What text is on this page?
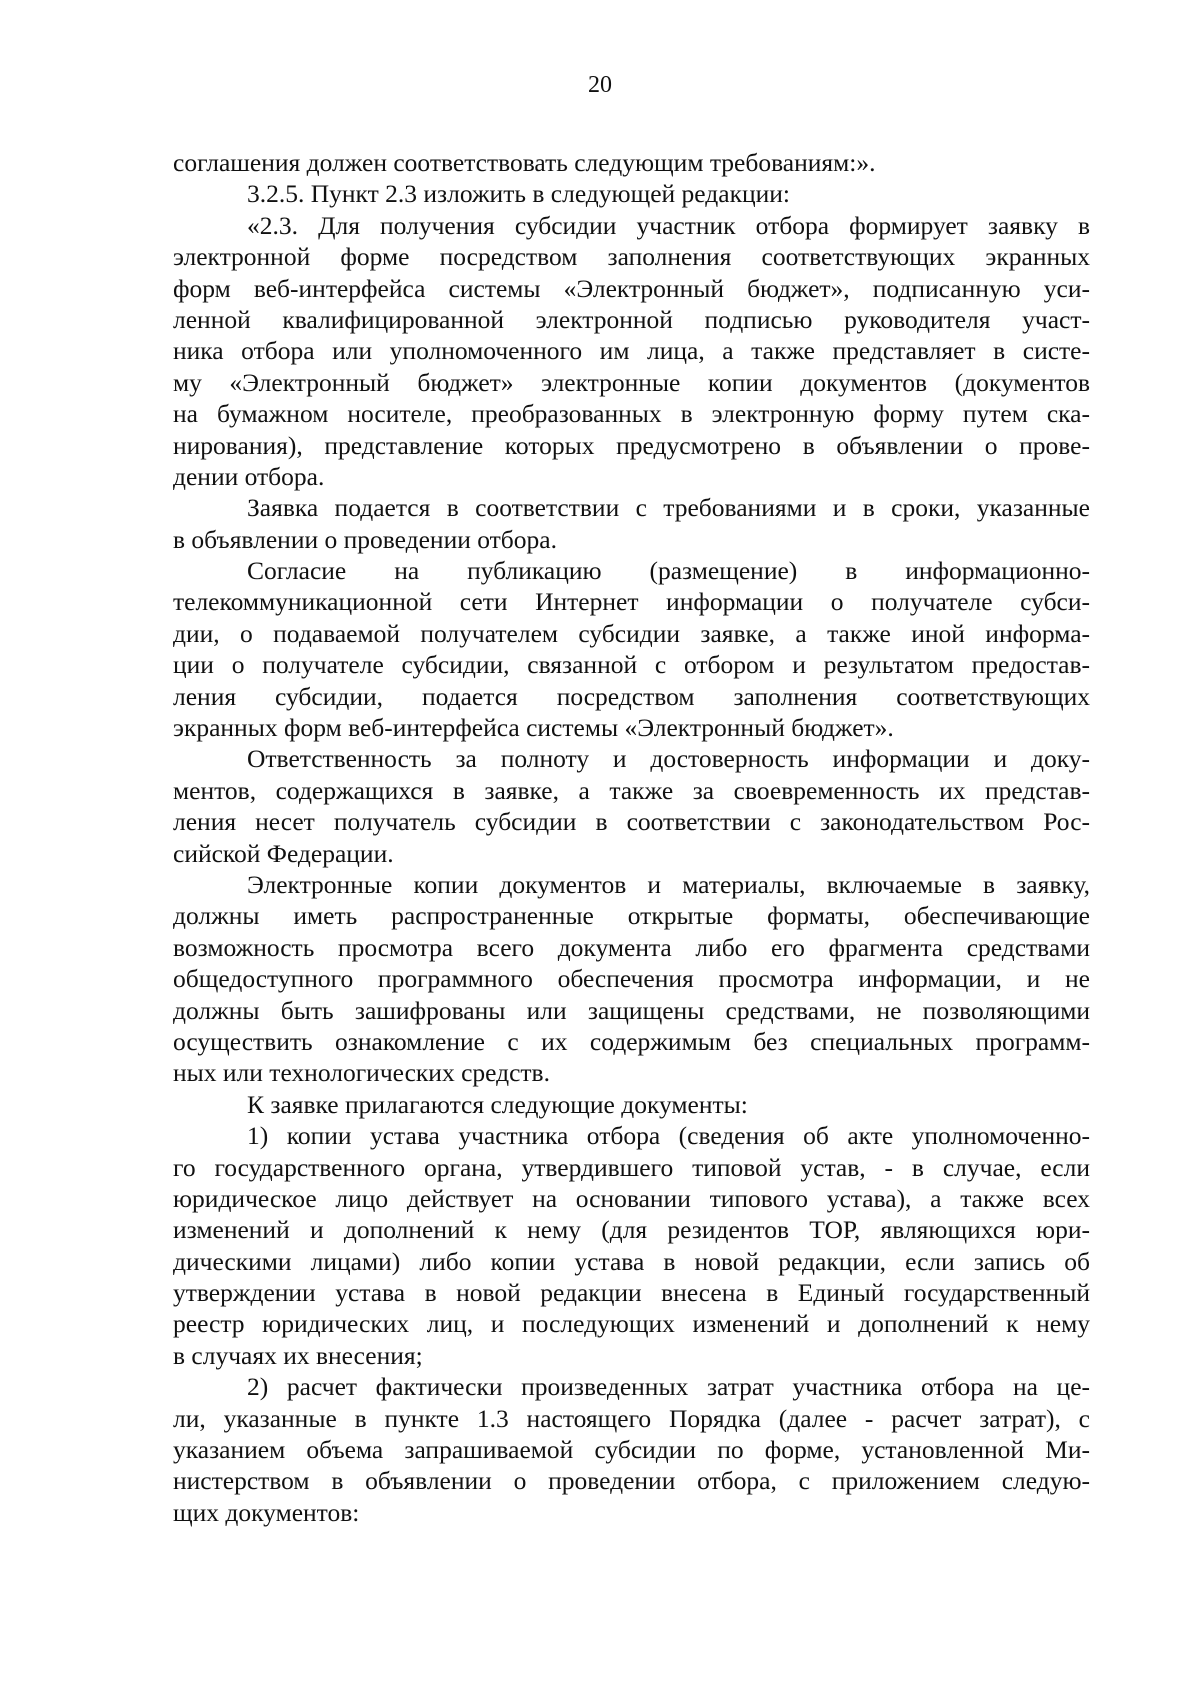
20

соглашения должен соответствовать следующим требованиям:».

3.2.5. Пункт 2.3 изложить в следующей редакции:

«2.3. Для получения субсидии участник отбора формирует заявку в

электронной форме посредством заполнения соответствующих экранных

форм веб-интерфейса системы «Электронный бюджет», подписанную уси-

ленной квалифицированной электронной подписью руководителя участ-

ника отбора или уполномоченного им лица, а также представляет в систе-

му «Электронный бюджет» электронные копии документов (документов

на бумажном носителе, преобразованных в электронную форму путем ска-

нирования), представление которых предусмотрено в объявлении о прове-

дении отбора.

Заявка подается в соответствии с требованиями и в сроки, указанные

в объявлении о проведении отбора.

Согласие на публикацию (размещение) в информационно-

телекоммуникационной сети Интернет информации о получателе субси-

дии, о подаваемой получателем субсидии заявке, а также иной информа-

ции о получателе субсидии, связанной с отбором и результатом предостав-

ления субсидии, подается посредством заполнения соответствующих

экранных форм веб-интерфейса системы «Электронный бюджет».

Ответственность за полноту и достоверность информации и доку-

ментов, содержащихся в заявке, а также за своевременность их представ-

ления несет получатель субсидии в соответствии с законодательством Рос-

сийской Федерации.

Электронные копии документов и материалы, включаемые в заявку,

должны иметь распространенные открытые форматы, обеспечивающие

возможность просмотра всего документа либо его фрагмента средствами

общедоступного программного обеспечения просмотра информации, и не

должны быть зашифрованы или защищены средствами, не позволяющими

осуществить ознакомление с их содержимым без специальных программ-

ных или технологических средств.

К заявке прилагаются следующие документы:

1) копии устава участника отбора (сведения об акте уполномоченно-

го государственного органа, утвердившего типовой устав, - в случае, если

юридическое лицо действует на основании типового устава), а также всех

изменений и дополнений к нему (для резидентов ТОР, являющихся юри-

дическими лицами) либо копии устава в новой редакции, если запись об

утверждении устава в новой редакции внесена в Единый государственный

реестр юридических лиц, и последующих изменений и дополнений к нему

в случаях их внесения;

2) расчет фактически произведенных затрат участника отбора на це-

ли, указанные в пункте 1.3 настоящего Порядка (далее - расчет затрат), с

указанием объема запрашиваемой субсидии по форме, установленной Ми-

нистерством в объявлении о проведении отбора, с приложением следую-

щих документов:
